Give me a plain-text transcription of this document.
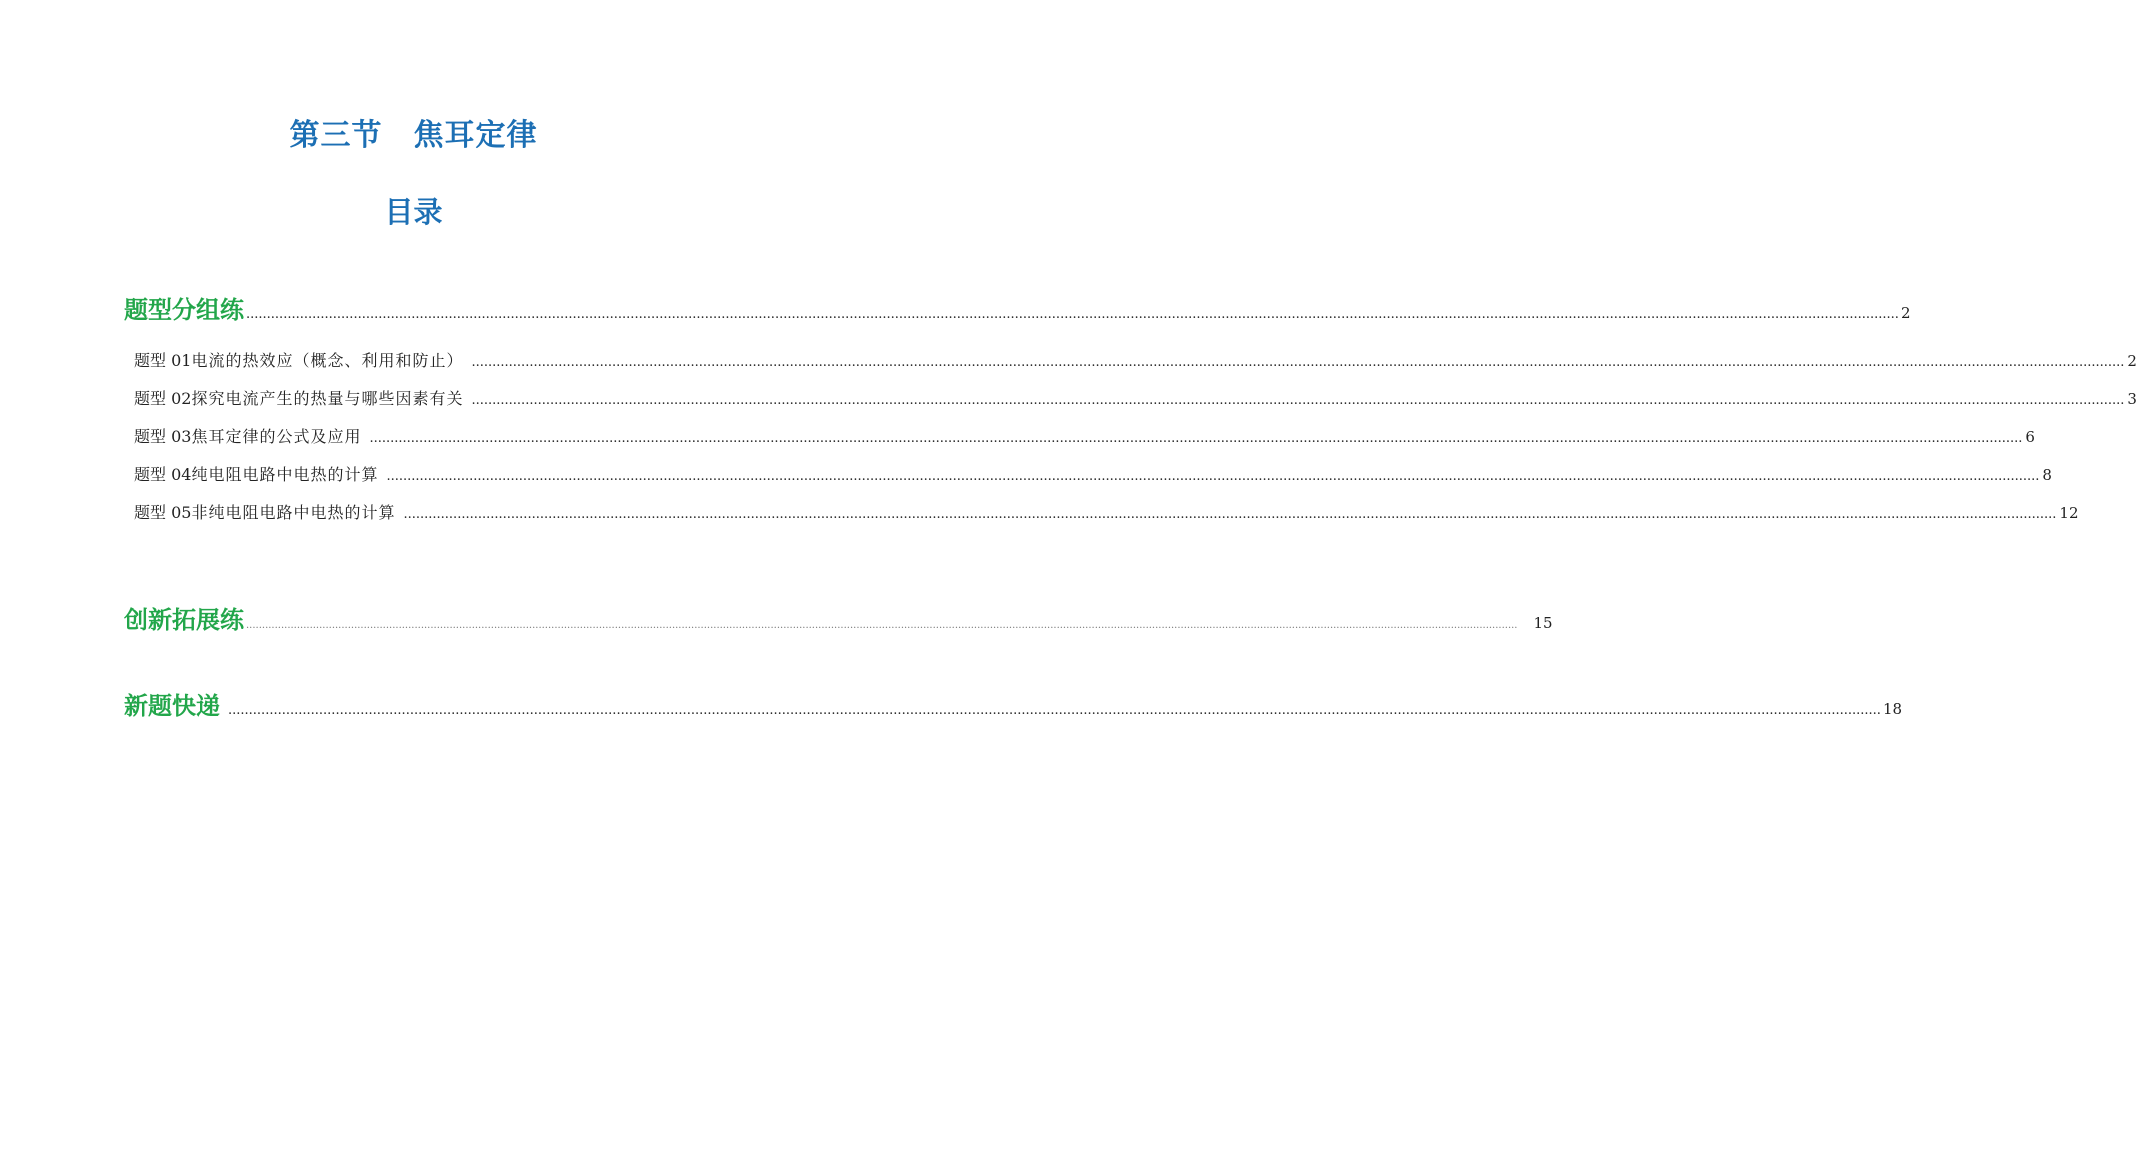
第三节　焦耳定律
目录
题型分组练 ................................................................................................................................................................................................................................................................................................................................................................................................................ 2
题型 01 电流的热效应（概念、利用和防止） ................................................................................................................................................................................................................................................................................................................................................................................................................ 2
题型 02 探究电流产生的热量与哪些因素有关 ................................................................................................................................................................................................................................................................................................................................................................................................................ 3
题型 03 焦耳定律的公式及应用 ................................................................................................................................................................................................................................................................................................................................................................................................................ 6
题型 04 纯电阻电路中电热的计算 ................................................................................................................................................................................................................................................................................................................................................................................................................ 8
题型 05 非纯电阻电路中电热的计算 ................................................................................................................................................................................................................................................................................................................................................................................................................ 12
创新拓展练 ................................................................................................................................................................................................................................................................................................................................................................................................................ 15
新题快递 ................................................................................................................................................................................................................................................................................................................................................................................................................ 18
